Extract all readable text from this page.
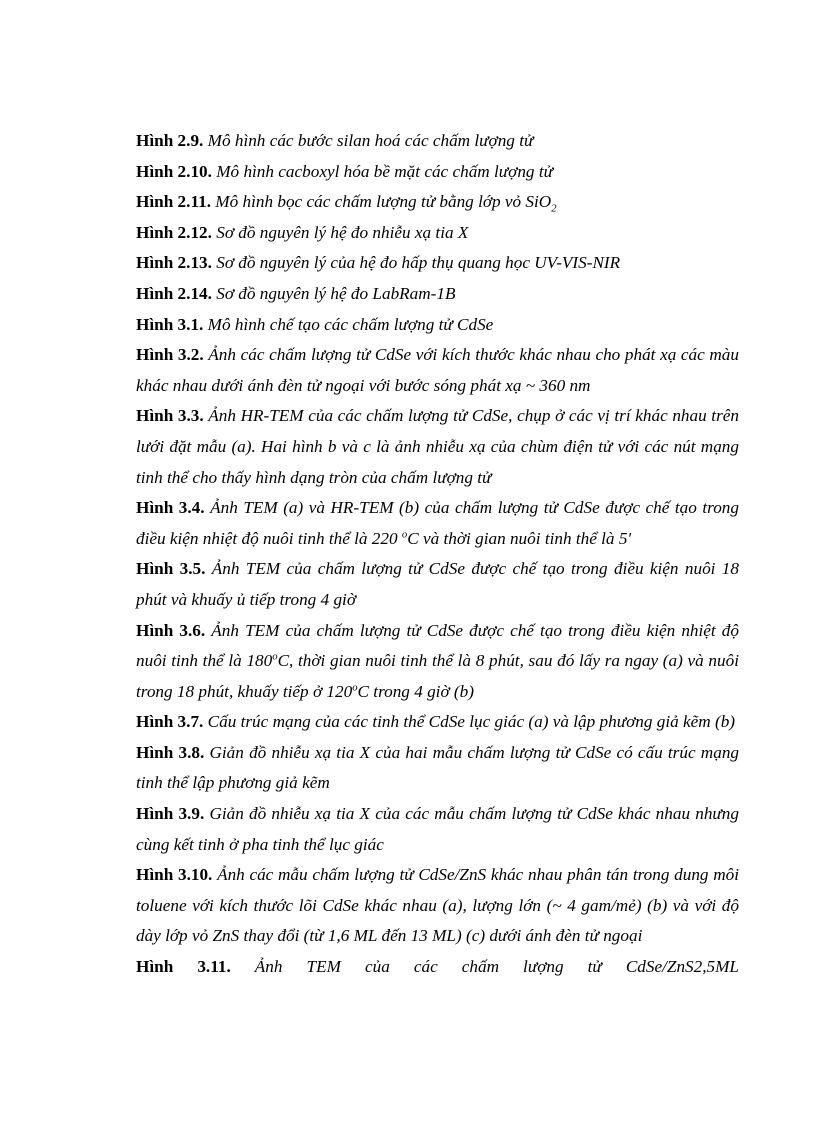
Hình 2.9. Mô hình các bước silan hoá các chấm lượng tử

Hình 2.10. Mô hình cacboxyl hóa bề mặt các chấm lượng tử

Hình 2.11. Mô hình bọc các chấm lượng tử bằng lớp vỏ SiO$_2$

Hình 2.12. Sơ đồ nguyên lý hệ đo nhiễu xạ tia X

Hình 2.13. Sơ đồ nguyên lý của hệ đo hấp thụ quang học UV-VIS-NIR

Hình 2.14. Sơ đồ nguyên lý hệ đo LabRam-1B

Hình 3.1. Mô hình chế tạo các chấm lượng tử CdSe

Hình 3.2. Ảnh các chấm lượng tử CdSe với kích thước khác nhau cho phát xạ các màu khác nhau dưới ánh đèn tử ngoại với bước sóng phát xạ ~ 360 nm

Hình 3.3. Ảnh HR-TEM của các chấm lượng tử CdSe, chụp ở các vị trí khác nhau trên lưới đặt mẫu (a). Hai hình b và c là ảnh nhiễu xạ của chùm điện tử với các nút mạng tinh thể cho thấy hình dạng tròn của chấm lượng tử

Hình 3.4. Ảnh TEM (a) và HR-TEM (b) của chấm lượng tử CdSe được chế tạo trong điều kiện nhiệt độ nuôi tinh thể là 220 $^o$C và thời gian nuôi tinh thể là 5'

Hình 3.5. Ảnh TEM của chấm lượng tử CdSe được chế tạo trong điều kiện nuôi 18 phút và khuấy ủ tiếp trong 4 giờ

Hình 3.6. Ảnh TEM của chấm lượng tử CdSe được chế tạo trong điều kiện nhiệt độ nuôi tinh thể là 180$^o$C, thời gian nuôi tinh thể là 8 phút, sau đó lấy ra ngay (a) và nuôi trong 18 phút, khuấy tiếp ở 120$^o$C trong 4 giờ (b)

Hình 3.7. Cấu trúc mạng của các tinh thể CdSe lục giác (a) và lập phương giả kẽm (b)

Hình 3.8. Giản đồ nhiễu xạ tia X của hai mẫu chấm lượng tử CdSe có cấu trúc mạng tinh thể lập phương giả kẽm

Hình 3.9. Giản đồ nhiễu xạ tia X của các mẫu chấm lượng tử CdSe khác nhau nhưng cùng kết tinh ở pha tinh thể lục giác

Hình 3.10. Ảnh các mẫu chấm lượng tử CdSe/ZnS khác nhau phân tán trong dung môi toluene với kích thước lõi CdSe khác nhau (a), lượng lớn (~ 4 gam/mẻ) (b) và với độ dày lớp vỏ ZnS thay đổi (từ 1,6 ML đến 13 ML) (c) dưới ánh đèn tử ngoại

Hình 3.11. Ảnh TEM của các chấm lượng tử CdSe/ZnS2,5ML
